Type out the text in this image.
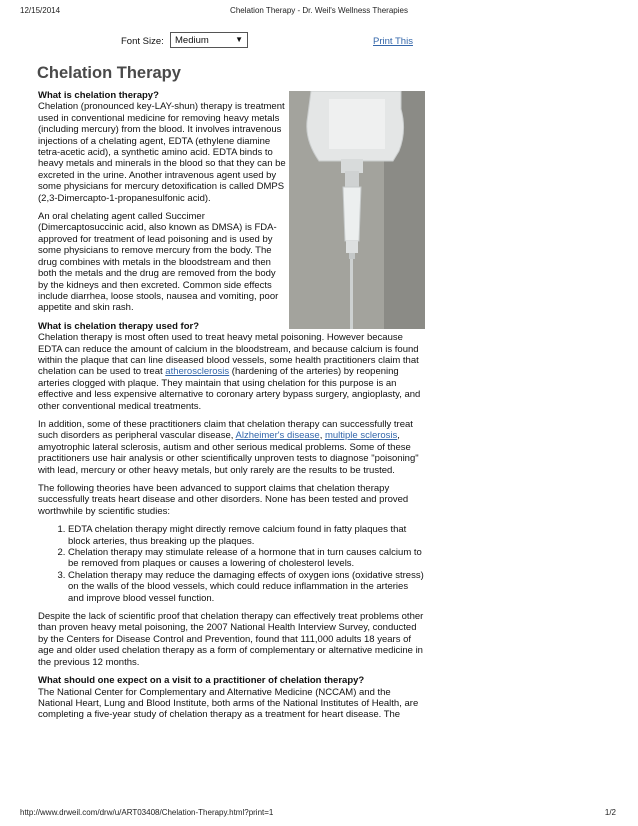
12/15/2014	Chelation Therapy - Dr. Weil's Wellness Therapies
Font Size: Medium	▼	Print This
Chelation Therapy

What is chelation therapy?
Chelation (pronounced key-LAY-shun) therapy is treatment used in conventional medicine for removing heavy metals (including mercury) from the blood. It involves intravenous injections of a chelating agent, EDTA (ethylene diamine tetra-acetic acid), a synthetic amino acid. EDTA binds to heavy metals and minerals in the blood so that they can be excreted in the urine. Another intravenous agent used by some physicians for mercury detoxification is called DMPS (2,3-Dimercapto-1-propanesulfonic acid).

An oral chelating agent called Succimer (Dimercaptosuccinic acid, also known as DMSA) is FDA-approved for treatment of lead poisoning and is used by some physicians to remove mercury from the body. The drug combines with metals in the bloodstream and then both the metals and the drug are removed from the body by the kidneys and then excreted. Common side effects include diarrhea, loose stools, nausea and vomiting, poor appetite and skin rash.

What is chelation therapy used for?
Chelation therapy is most often used to treat heavy metal poisoning. However because EDTA can reduce the amount of calcium in the bloodstream, and because calcium is found within the plaque that can line diseased blood vessels, some health practitioners claim that chelation can be used to treat atherosclerosis (hardening of the arteries) by reopening arteries clogged with plaque. They maintain that using chelation for this purpose is an effective and less expensive alternative to coronary artery bypass surgery, angioplasty, and other conventional medical treatments.

In addition, some of these practitioners claim that chelation therapy can successfully treat such disorders as peripheral vascular disease, Alzheimer's disease, multiple sclerosis, amyotrophic lateral sclerosis, autism and other serious medical problems. Some of these practitioners use hair analysis or other scientifically unproven tests to diagnose "poisoning" with lead, mercury or other heavy metals, but only rarely are the results to be trusted.

The following theories have been advanced to support claims that chelation therapy successfully treats heart disease and other disorders. None has been tested and proved worthwhile by scientific studies:

1. EDTA chelation therapy might directly remove calcium found in fatty plaques that block arteries, thus breaking up the plaques.
2. Chelation therapy may stimulate release of a hormone that in turn causes calcium to be removed from plaques or causes a lowering of cholesterol levels.
3. Chelation therapy may reduce the damaging effects of oxygen ions (oxidative stress) on the walls of the blood vessels, which could reduce inflammation in the arteries and improve blood vessel function.

Despite the lack of scientific proof that chelation therapy can effectively treat problems other than proven heavy metal poisoning, the 2007 National Health Interview Survey, conducted by the Centers for Disease Control and Prevention, found that 111,000 adults 18 years of age and older used chelation therapy as a form of complementary or alternative medicine in the previous 12 months.

What should one expect on a visit to a practitioner of chelation therapy?
The National Center for Complementary and Alternative Medicine (NCCAM) and the National Heart, Lung and Blood Institute, both arms of the National Institutes of Health, are completing a five-year study of chelation therapy as a treatment for heart disease. The

http://www.drweil.com/drw/u/ART03408/Chelation-Therapy.html?print=1	1/2
